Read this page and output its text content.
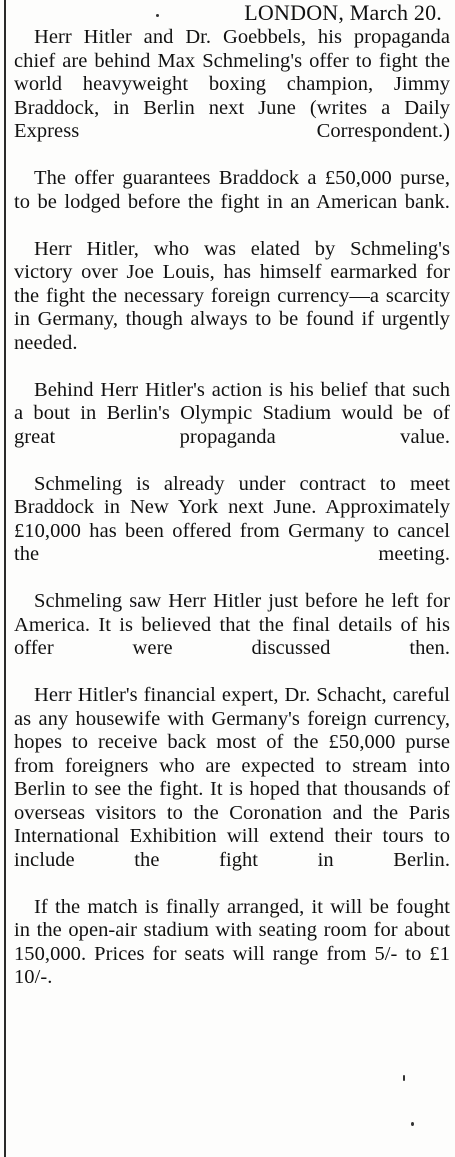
LONDON, March 20.

Herr Hitler and Dr. Goebbels, his propaganda chief are behind Max Schmeling's offer to fight the world heavyweight boxing champion, Jimmy Braddock, in Berlin next June (writes a Daily Express Correspondent.)

The offer guarantees Braddock a £50,000 purse, to be lodged before the fight in an American bank.

Herr Hitler, who was elated by Schmeling's victory over Joe Louis, has himself earmarked for the fight the necessary foreign currency—a scarcity in Germany, though always to be found if urgently needed.

Behind Herr Hitler's action is his belief that such a bout in Berlin's Olympic Stadium would be of great propaganda value.

Schmeling is already under contract to meet Braddock in New York next June. Approximately £10,000 has been offered from Germany to cancel the meeting.

Schmeling saw Herr Hitler just before he left for America. It is believed that the final details of his offer were discussed then.

Herr Hitler's financial expert, Dr. Schacht, careful as any housewife with Germany's foreign currency, hopes to receive back most of the £50,000 purse from foreigners who are expected to stream into Berlin to see the fight. It is hoped that thousands of overseas visitors to the Coronation and the Paris International Exhibition will extend their tours to include the fight in Berlin.

If the match is finally arranged, it will be fought in the open-air stadium with seating room for about 150,000. Prices for seats will range from 5/- to £1 10/-.
